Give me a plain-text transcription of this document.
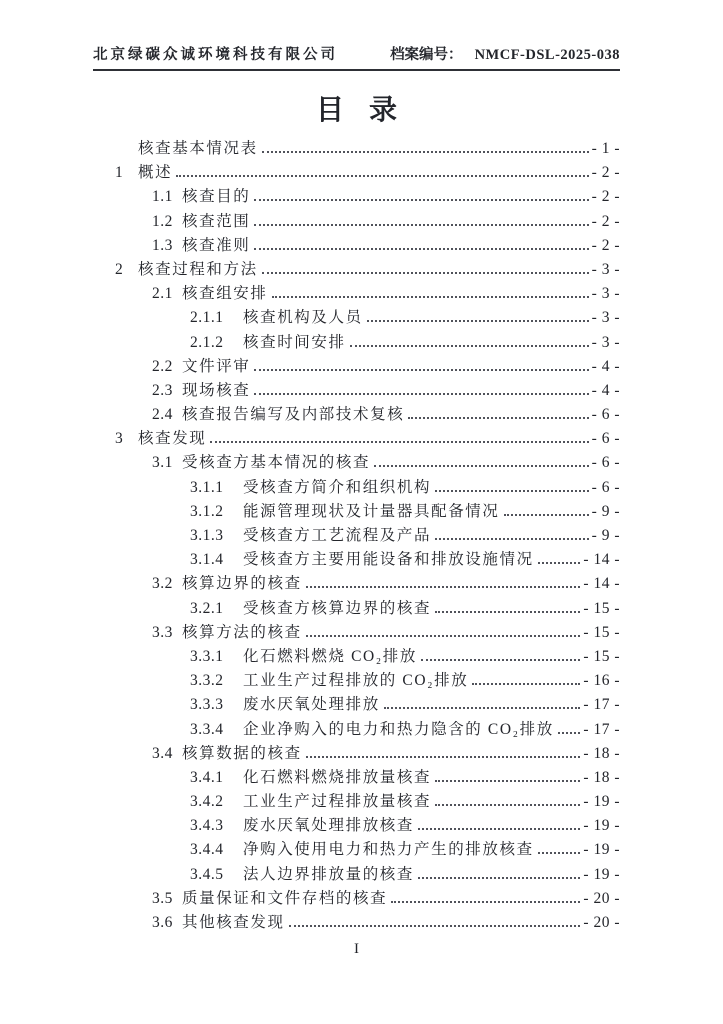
北京绿碳众诚环境科技有限公司	档案编号： NMCF-DSL-2025-038
目 录
核查基本情况表	- 1 -
1 概述	- 2 -
1.1 核查目的	- 2 -
1.2 核查范围	- 2 -
1.3 核查准则	- 2 -
2 核查过程和方法	- 3 -
2.1 核查组安排	- 3 -
2.1.1	核查机构及人员	- 3 -
2.1.2	核查时间安排	- 3 -
2.2 文件评审	- 4 -
2.3 现场核查	- 4 -
2.4 核查报告编写及内部技术复核	- 6 -
3 核查发现	- 6 -
3.1 受核查方基本情况的核查	- 6 -
3.1.1	受核查方简介和组织机构	- 6 -
3.1.2	能源管理现状及计量器具配备情况	- 9 -
3.1.3	受核查方工艺流程及产品	- 9 -
3.1.4	受核查方主要用能设备和排放设施情况	- 14 -
3.2 核算边界的核查	- 14 -
3.2.1	受核查方核算边界的核查	- 15 -
3.3 核算方法的核查	- 15 -
3.3.1	化石燃料燃烧 CO₂排放	- 15 -
3.3.2	工业生产过程排放的 CO₂排放	- 16 -
3.3.3	废水厌氧处理排放	- 17 -
3.3.4	企业净购入的电力和热力隐含的 CO₂排放 - 17 -
3.4 核算数据的核查	- 18 -
3.4.1	化石燃料燃烧排放量核查	- 18 -
3.4.2	工业生产过程排放量核查	- 19 -
3.4.3	废水厌氧处理排放核查	- 19 -
3.4.4	净购入使用电力和热力产生的排放核查	- 19 -
3.4.5	法人边界排放量的核查	- 19 -
3.5 质量保证和文件存档的核查	- 20 -
3.6 其他核查发现	- 20 -
I
